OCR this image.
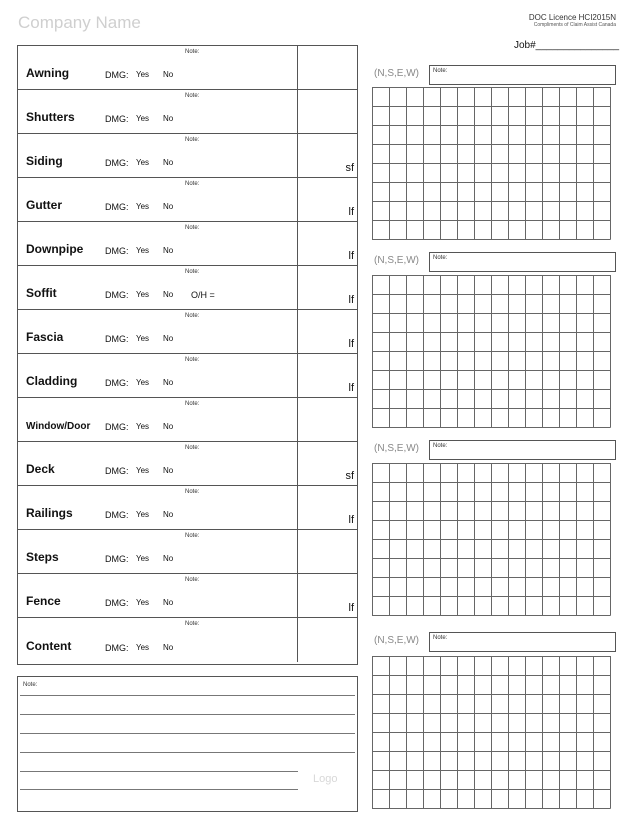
Company Name	DOC Licence HCI2015N
Compliments of Claim Assist Canada
Job#_______________
Note:
Awning	DMG: Yes No
Note:
Shutters	DMG: Yes No
Note:
Siding	DMG: Yes No	sf
Note:
Gutter	DMG: Yes No	lf
Note:
Downpipe DMG: Yes No	lf
Note:
Soffit	DMG: Yes No O/H =	lf
Note:
Fascia	DMG: Yes No	lf
Note:
Cladding	DMG: Yes No	lf
Note:
Window/Door DMG: Yes No
Note:
Deck	DMG: Yes No	sf
Note:
Railings	DMG: Yes No	lf
Note:
Steps	DMG: Yes No
Note:
Fence	DMG: Yes No	lf
Note:
Content	DMG: Yes No
Note:
Logo
(N,S,E,W) Note:
(N,S,E,W) Note:
(N,S,E,W) Note:
(N,S,E,W) Note:
